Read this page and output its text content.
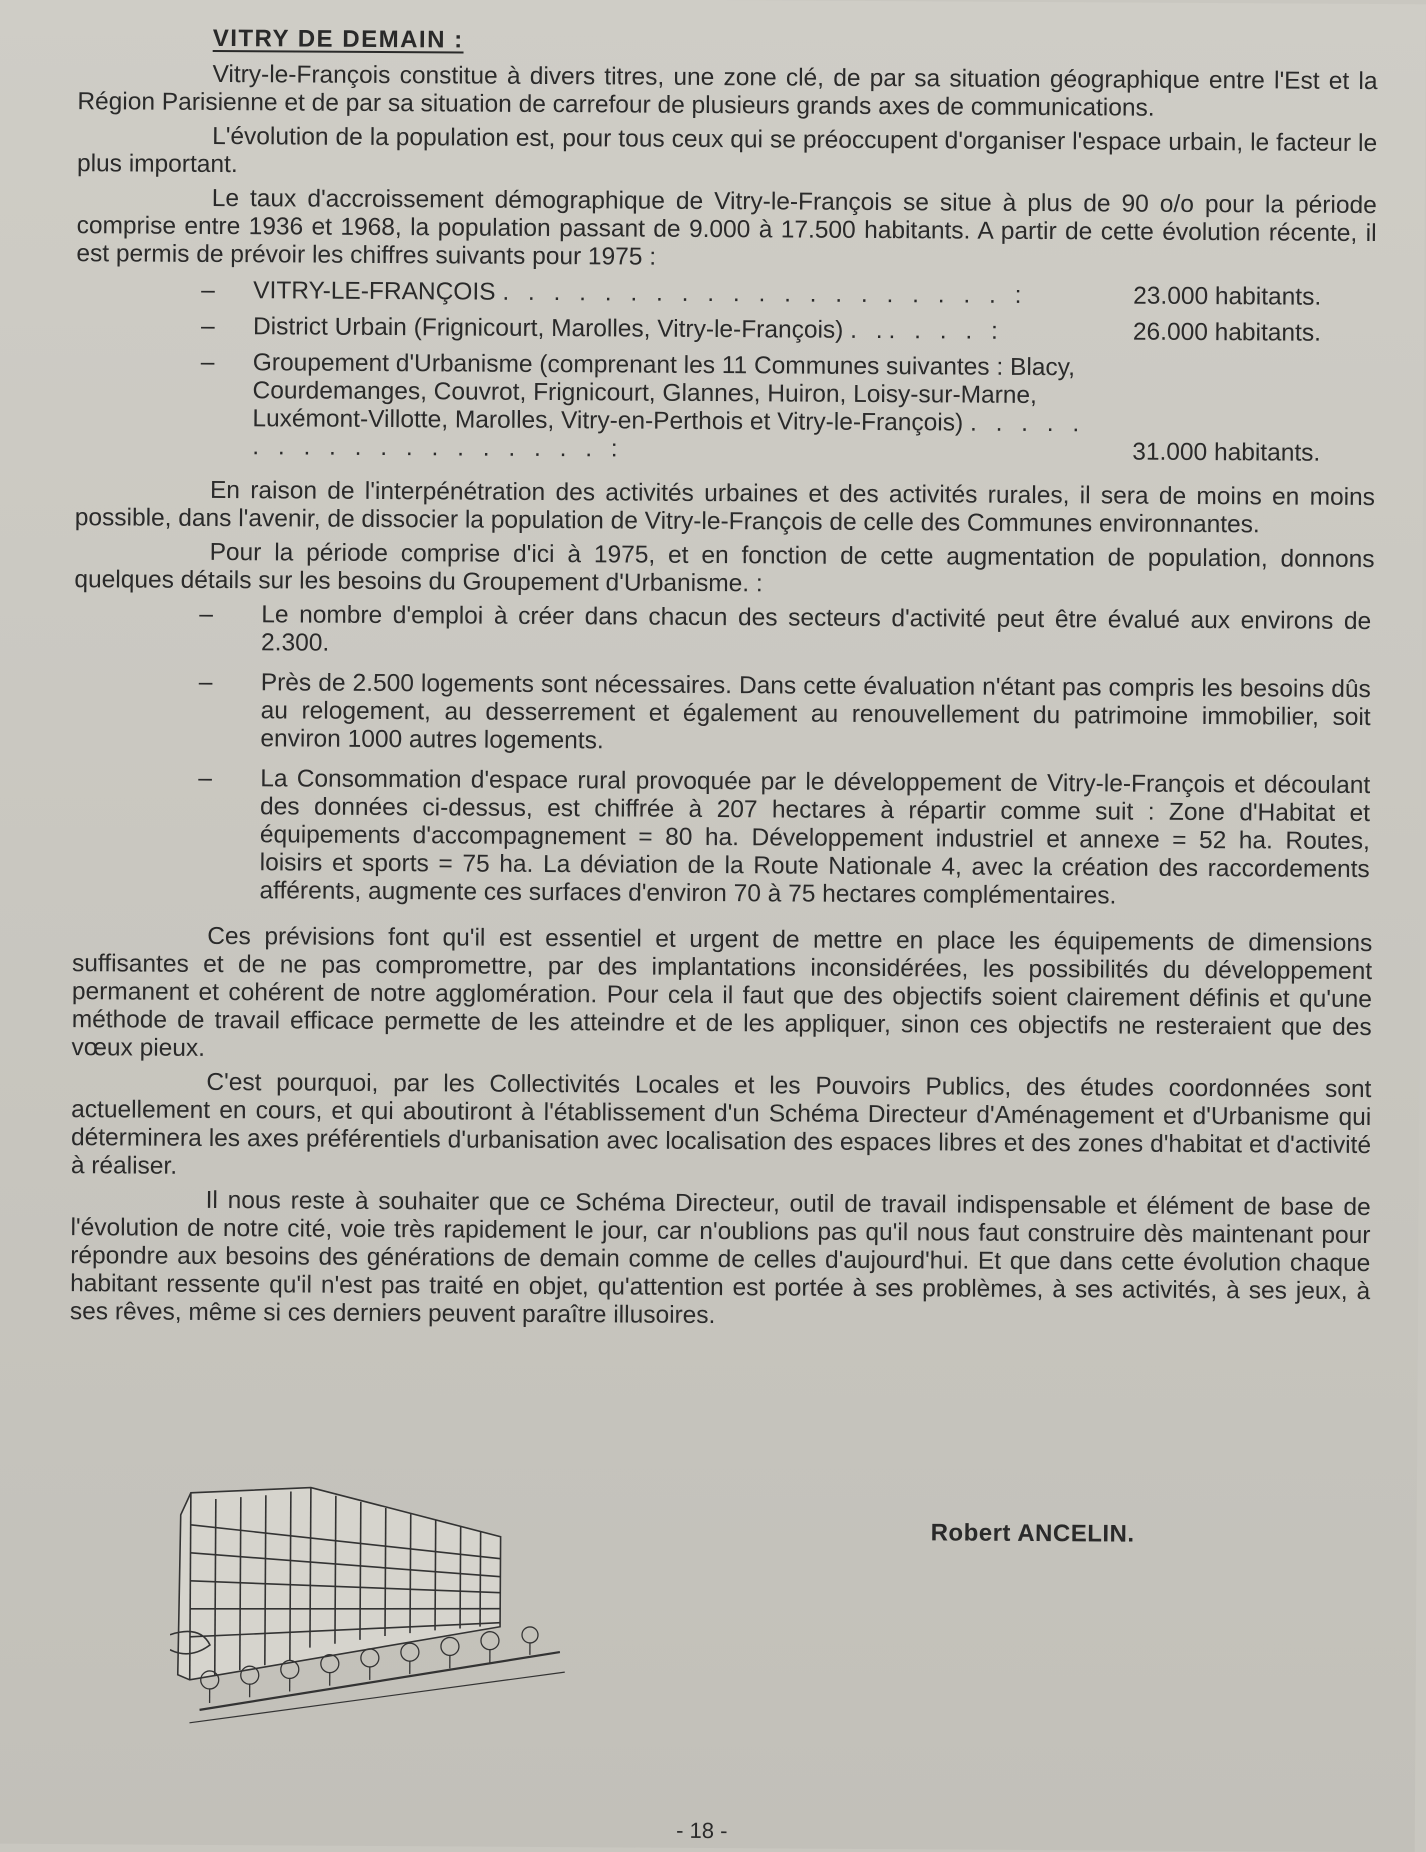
VITRY DE DEMAIN :

Vitry-le-François constitue à divers titres, une zone clé, de par sa situation géographique entre l'Est et la Région Parisienne et de par sa situation de carrefour de plusieurs grands axes de communications.

L'évolution de la population est, pour tous ceux qui se préoccupent d'organiser l'espace urbain, le facteur le plus important.

Le taux d'accroissement démographique de Vitry-le-François se situe à plus de 90 o/o pour la période comprise entre 1936 et 1968, la population passant de 9.000 à 17.500 habitants. A partir de cette évolution récente, il est permis de prévoir les chiffres suivants pour 1975 :

–	VITRY-LE-FRANÇOIS . . . . . . . . . . . . . . . . . . . . :	23.000 habitants.
–	District Urbain (Frignicourt, Marolles, Vitry-le-François) . .. . . . :	26.000 habitants.
–	Groupement d'Urbanisme (comprenant les 11 Communes suivantes : Blacy, Courdemanges, Couvrot, Frignicourt, Glannes, Huiron, Loisy-sur-Marne, Luxémont-Villotte, Marolles, Vitry-en-Perthois et Vitry-le-François) . . . . . . . . . . . . . . . . . . . :	31.000 habitants.

En raison de l'interpénétration des activités urbaines et des activités rurales, il sera de moins en moins possible, dans l'avenir, de dissocier la population de Vitry-le-François de celle des Communes environnantes.

Pour la période comprise d'ici à 1975, et en fonction de cette augmentation de population, donnons quelques détails sur les besoins du Groupement d'Urbanisme. :

–	Le nombre d'emploi à créer dans chacun des secteurs d'activité peut être évalué aux environs de 2.300.
–	Près de 2.500 logements sont nécessaires. Dans cette évaluation n'étant pas compris les besoins dûs au relogement, au desserrement et également au renouvellement du patrimoine immobilier, soit environ 1000 autres logements.
–	La Consommation d'espace rural provoquée par le développement de Vitry-le-François et découlant des données ci-dessus, est chiffrée à 207 hectares à répartir comme suit : Zone d'Habitat et équipements d'accompagnement = 80 ha. Développement industriel et annexe = 52 ha. Routes, loisirs et sports = 75 ha. La déviation de la Route Nationale 4, avec la création des raccordements afférents, augmente ces surfaces d'environ 70 à 75 hectares complémentaires.

Ces prévisions font qu'il est essentiel et urgent de mettre en place les équipements de dimensions suffisantes et de ne pas compromettre, par des implantations inconsidérées, les possibilités du développement permanent et cohérent de notre agglomération. Pour cela il faut que des objectifs soient clairement définis et qu'une méthode de travail efficace permette de les atteindre et de les appliquer, sinon ces objectifs ne resteraient que des vœux pieux.

C'est pourquoi, par les Collectivités Locales et les Pouvoirs Publics, des études coordonnées sont actuellement en cours, et qui aboutiront à l'établissement d'un Schéma Directeur d'Aménagement et d'Urbanisme qui déterminera les axes préférentiels d'urbanisation avec localisation des espaces libres et des zones d'habitat et d'activité à réaliser.

Il nous reste à souhaiter que ce Schéma Directeur, outil de travail indispensable et élément de base de l'évolution de notre cité, voie très rapidement le jour, car n'oublions pas qu'il nous faut construire dès maintenant pour répondre aux besoins des générations de demain comme de celles d'aujourd'hui. Et que dans cette évolution chaque habitant ressente qu'il n'est pas traité en objet, qu'attention est portée à ses problèmes, à ses activités, à ses jeux, à ses rêves, même si ces derniers peuvent paraître illusoires.

Robert ANCELIN.
- 18 -
